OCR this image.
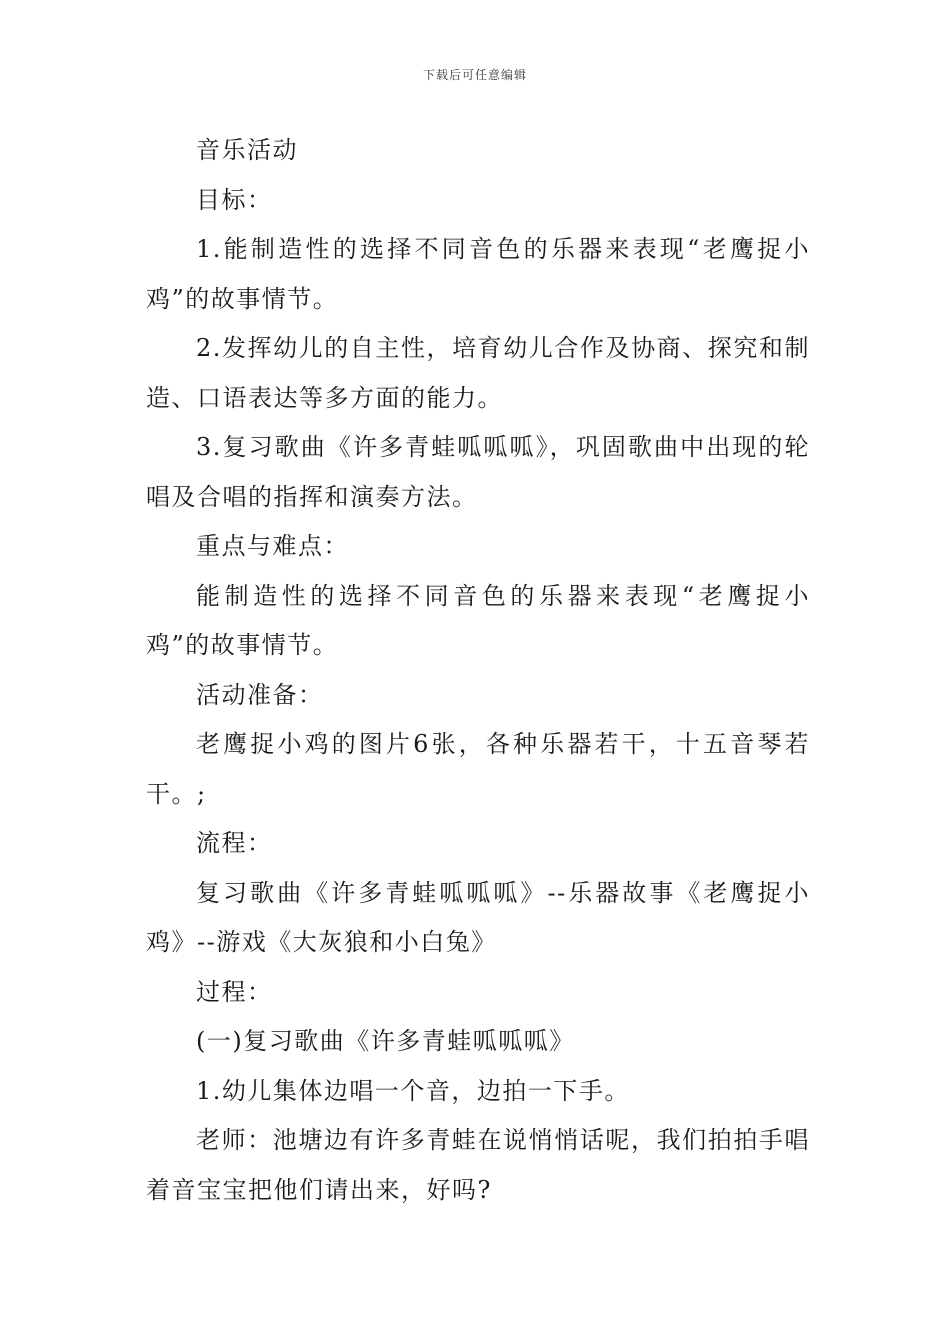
下载后可任意编辑

音乐活动

目标：

1.能制造性的选择不同音色的乐器来表现“老鹰捉小鸡”的故事情节。

2.发挥幼儿的自主性，培育幼儿合作及协商、探究和制造、口语表达等多方面的能力。

3.复习歌曲《许多青蛙呱呱呱》，巩固歌曲中出现的轮唱及合唱的指挥和演奏方法。

重点与难点：

能制造性的选择不同音色的乐器来表现“老鹰捉小鸡”的故事情节。

活动准备：

老鹰捉小鸡的图片6张，各种乐器若干，十五音琴若干。;

流程：

复习歌曲《许多青蛙呱呱呱》--乐器故事《老鹰捉小鸡》--游戏《大灰狼和小白兔》

过程：

(一)复习歌曲《许多青蛙呱呱呱》

1.幼儿集体边唱一个音，边拍一下手。

老师：池塘边有许多青蛙在说悄悄话呢，我们拍拍手唱着音宝宝把他们请出来，好吗?
